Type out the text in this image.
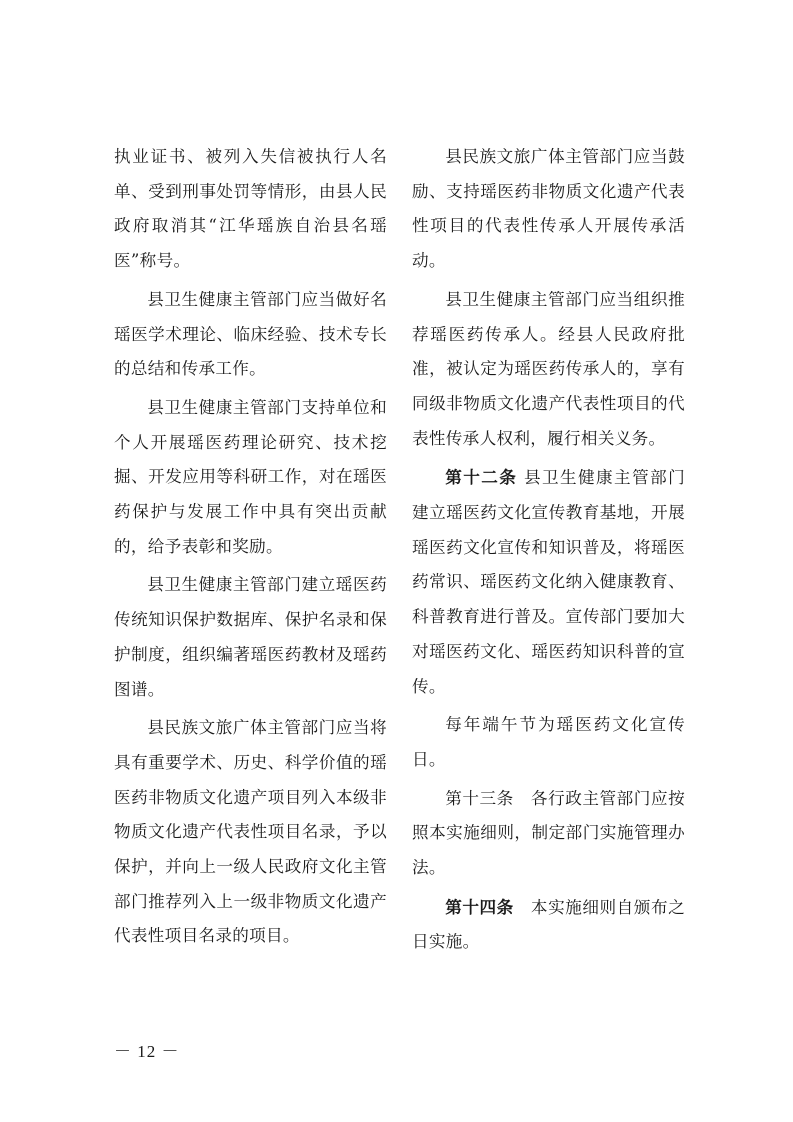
执业证书、被列入失信被执行人名单、受到刑事处罚等情形，由县人民政府取消其“江华瑶族自治县名瑶医”称号。

县卫生健康主管部门应当做好名瑶医学术理论、临床经验、技术专长的总结和传承工作。

县卫生健康主管部门支持单位和个人开展瑶医药理论研究、技术挖掘、开发应用等科研工作，对在瑶医药保护与发展工作中具有突出贡献的，给予表彰和奖励。

县卫生健康主管部门建立瑶医药传统知识保护数据库、保护名录和保护制度，组织编著瑶医药教材及瑶药图谱。

县民族文旅广体主管部门应当将具有重要学术、历史、科学价值的瑶医药非物质文化遗产项目列入本级非物质文化遗产代表性项目名录，予以保护，并向上一级人民政府文化主管部门推荐列入上一级非物质文化遗产代表性项目名录的项目。

县民族文旅广体主管部门应当鼓励、支持瑶医药非物质文化遗产代表性项目的代表性传承人开展传承活动。

县卫生健康主管部门应当组织推荐瑶医药传承人。经县人民政府批准，被认定为瑶医药传承人的，享有同级非物质文化遗产代表性项目的代表性传承人权利，履行相关义务。

第十二条 县卫生健康主管部门建立瑶医药文化宣传教育基地，开展瑶医药文化宣传和知识普及，将瑶医药常识、瑶医药文化纳入健康教育、科普教育进行普及。宣传部门要加大对瑶医药文化、瑶医药知识科普的宣传。

每年端午节为瑶医药文化宣传日。

第十三条　各行政主管部门应按照本实施细则，制定部门实施管理办法。

第十四条　本实施细则自颁布之日实施。

－ 12 －
